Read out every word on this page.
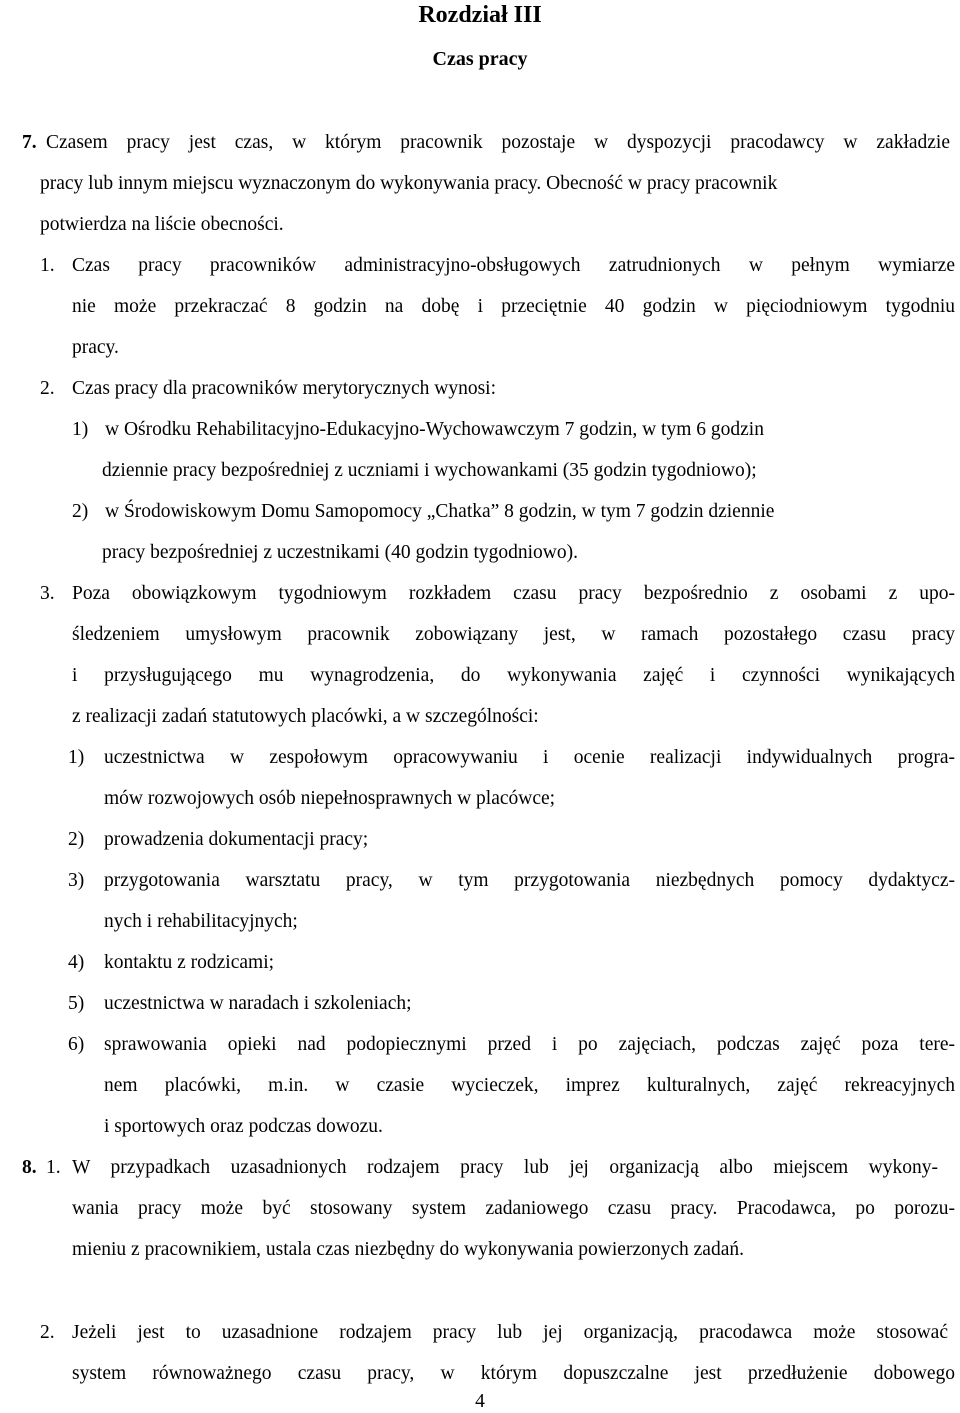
Rozdział III
Czas pracy
7. Czasem pracy jest czas, w którym pracownik pozostaje w dyspozycji pracodawcy w zakładzie
pracy lub innym miejscu wyznaczonym do wykonywania pracy. Obecność w pracy pracownik
potwierdza na liście obecności.
1. Czas pracy pracowników administracyjno-obsługowych zatrudnionych w pełnym wymiarze
nie może przekraczać 8 godzin na dobę i przeciętnie 40 godzin w pięciodniowym tygodniu
pracy.
2. Czas pracy dla pracowników merytorycznych wynosi:
1) w Ośrodku Rehabilitacyjno-Edukacyjno-Wychowawczym 7 godzin, w tym 6 godzin
dziennie pracy bezpośredniej z uczniami i wychowankami (35 godzin tygodniowo);
2) w Środowiskowym Domu Samopomocy „Chatka” 8 godzin, w tym 7 godzin dziennie
pracy bezpośredniej z uczestnikami (40 godzin tygodniowo).
3. Poza obowiązkowym tygodniowym rozkładem czasu pracy bezpośrednio z osobami z upo-
śledzeniem umysłowym pracownik zobowiązany jest, w ramach pozostałego czasu pracy
i przysługującego mu wynagrodzenia, do wykonywania zajęć i czynności wynikających
z realizacji zadań statutowych placówki, a w szczególności:
1) uczestnictwa w zespołowym opracowywaniu i ocenie realizacji indywidualnych progra-
mów rozwojowych osób niepełnosprawnych w placówce;
2) prowadzenia dokumentacji pracy;
3) przygotowania warsztatu pracy, w tym przygotowania niezbędnych pomocy dydaktycz-
nych i rehabilitacyjnych;
4) kontaktu z rodzicami;
5) uczestnictwa w naradach i szkoleniach;
6) sprawowania opieki nad podopiecznymi przed i po zajęciach, podczas zajęć poza tere-
nem placówki, m.in. w czasie wycieczek, imprez kulturalnych, zajęć rekreacyjnych
i sportowych oraz podczas dowozu.
8. 1. W przypadkach uzasadnionych rodzajem pracy lub jej organizacją albo miejscem wykony-
wania pracy może być stosowany system zadaniowego czasu pracy. Pracodawca, po porozu-
mieniu z pracownikiem, ustala czas niezbędny do wykonywania powierzonych zadań.
2. Jeżeli jest to uzasadnione rodzajem pracy lub jej organizacją, pracodawca może stosować
system równoważnego czasu pracy, w którym dopuszczalne jest przedłużenie dobowego
4
